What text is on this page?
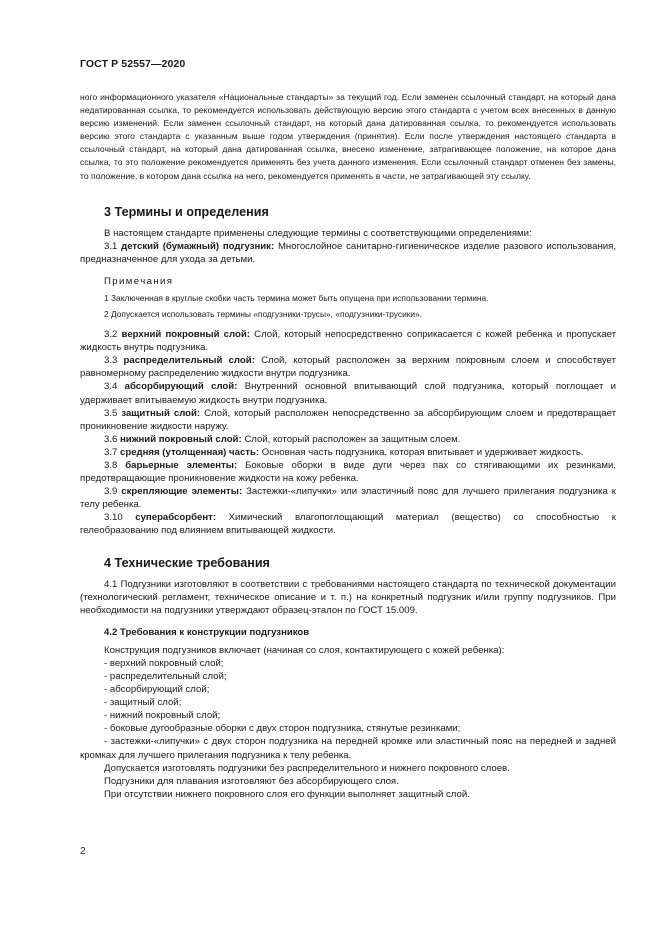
ГОСТ Р 52557—2020

ного информационного указателя «Национальные стандарты» за текущий год. Если заменен ссылочный стандарт, на который дана недатированная ссылка, то рекомендуется использовать действующую версию этого стандарта с учетом всех внесенных в данную версию изменений. Если заменен ссылочный стандарт, на который дана датированная ссылка, то рекомендуется использовать версию этого стандарта с указанным выше годом утверждения (принятия). Если после утверждения настоящего стандарта в ссылочный стандарт, на который дана датированная ссылка, внесено изменение, затрагивающее положение, на которое дана ссылка, то это положение рекомендуется применять без учета данного изменения. Если ссылочный стандарт отменен без замены, то положение, в котором дана ссылка на него, рекомендуется применять в части, не затрагивающей эту ссылку.

3 Термины и определения

В настоящем стандарте применены следующие термины с соответствующими определениями:

3.1 детский (бумажный) подгузник: Многослойное санитарно-гигиеническое изделие разового использования, предназначенное для ухода за детьми.

Примечания

1 Заключенная в круглые скобки часть термина может быть опущена при использовании термина.

2 Допускается использовать термины «подгузники-трусы», «подгузники-трусики».

3.2 верхний покровный слой: Слой, который непосредственно соприкасается с кожей ребенка и пропускает жидкость внутрь подгузника.

3.3 распределительный слой: Слой, который расположен за верхним покровным слоем и способствует равномерному распределению жидкости внутри подгузника.

3.4 абсорбирующий слой: Внутренний основной впитывающий слой подгузника, который поглощает и удерживает впитываемую жидкость внутри подгузника.

3.5 защитный слой: Слой, который расположен непосредственно за абсорбирующим слоем и предотвращает проникновение жидкости наружу.

3.6 нижний покровный слой: Слой, который расположен за защитным слоем.

3.7 средняя (утолщенная) часть: Основная часть подгузника, которая впитывает и удерживает жидкость.

3.8 барьерные элементы: Боковые оборки в виде дуги через пах со стягивающими их резинками, предотвращающие проникновение жидкости на кожу ребенка.

3.9 скрепляющие элементы: Застежки-«липучки» или эластичный пояс для лучшего прилегания подгузника к телу ребенка.

3.10 суперабсорбент: Химический влагопоглощающий материал (вещество) со способностью к гелеобразованию под влиянием впитывающей жидкости.

4 Технические требования

4.1 Подгузники изготовляют в соответствии с требованиями настоящего стандарта по технической документации (технологический регламент, техническое описание и т. п.) на конкретный подгузник и/или группу подгузников. При необходимости на подгузники утверждают образец-эталон по ГОСТ 15.009.

4.2 Требования к конструкции подгузников

Конструкция подгузников включает (начиная со слоя, контактирующего с кожей ребенка):

- верхний покровный слой;

- распределительный слой;

- абсорбирующий слой;

- защитный слой;

- нижний покровный слой;

- боковые дугообразные оборки с двух сторон подгузника, стянутые резинками;

- застежки-«липучки» с двух сторон подгузника на передней кромке или эластичный пояс на передней и задней кромках для лучшего прилегания подгузника к телу ребенка.

Допускается изготовлять подгузники без распределительного и нижнего покровного слоев.

Подгузники для плавания изготовляют без абсорбирующего слоя.

При отсутствии нижнего покровного слоя его функции выполняет защитный слой.

2
